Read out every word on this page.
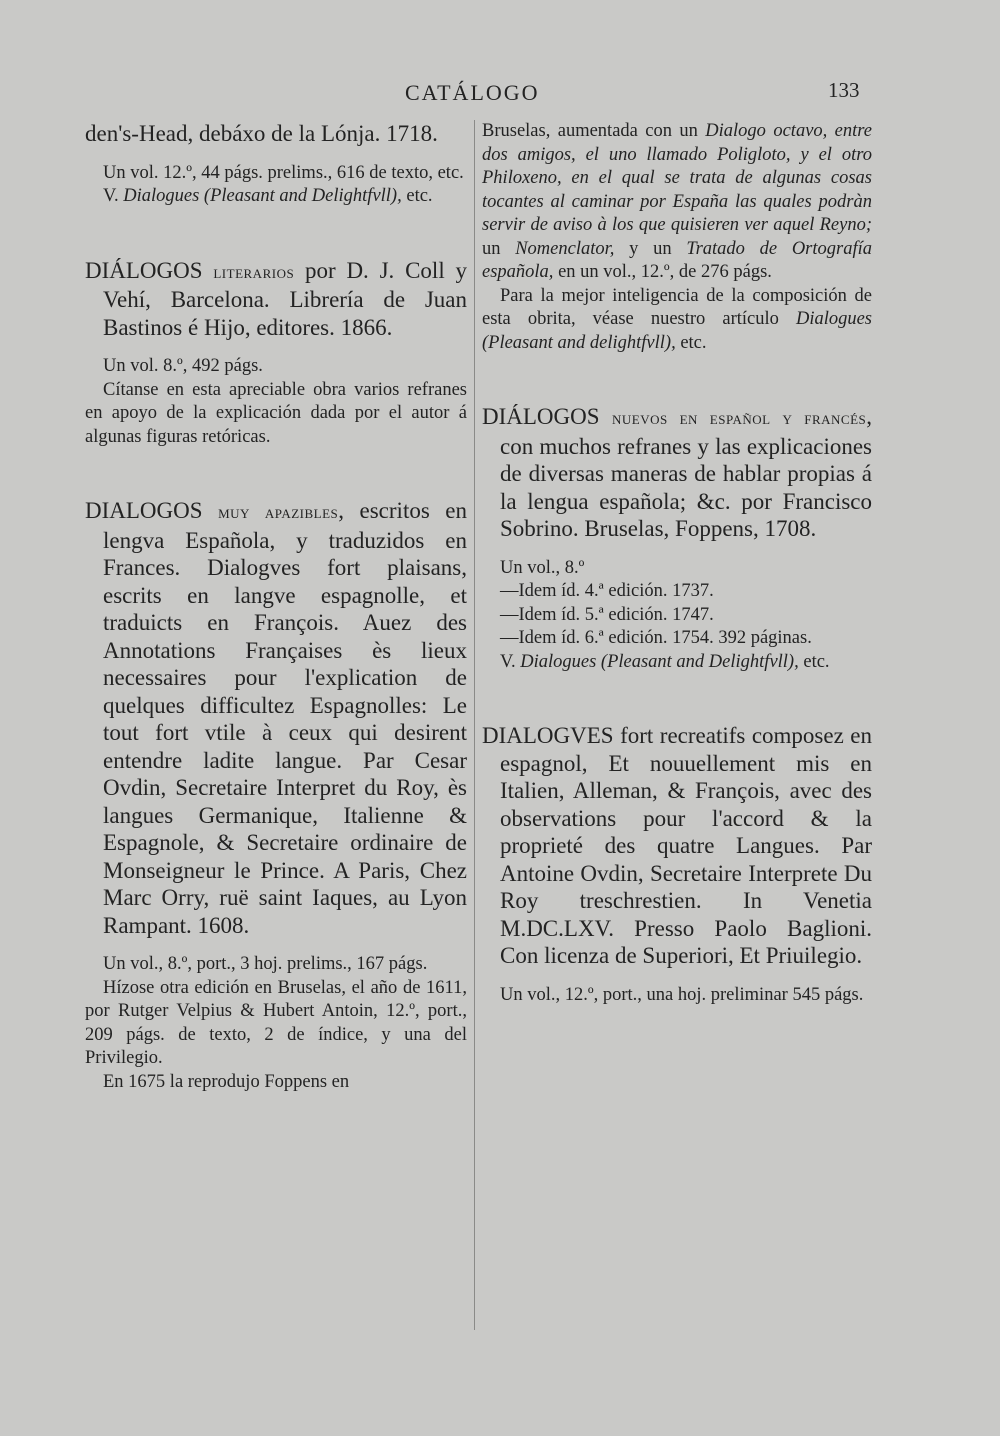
CATÁLOGO	133

den's-Head, debáxo de la Lónja. 1718.

Un vol. 12.º, 44 págs. prelims., 616 de texto, etc.

V. Dialogues (Pleasant and Delightfvll), etc.

DIÁLOGOS literarios por D. J. Coll y Vehí, Barcelona. Librería de Juan Bastinos é Hijo, editores. 1866.

Un vol. 8.º, 492 págs.

Cítanse en esta apreciable obra varios refranes en apoyo de la explicación dada por el autor á algunas figuras retóricas.

DIALOGOS muy apazibles, escritos en lengva Española, y traduzidos en Frances. Dialogves fort plaisans, escrits en langve espagnolle, et traduicts en François. Auez des Annotations Françaises ès lieux necessaires pour l'explication de quelques difficultez Espagnolles: Le tout fort vtile à ceux qui desirent entendre ladite langue. Par Cesar Ovdin, Secretaire Interpret du Roy, ès langues Germanique, Italienne & Espagnole, & Secretaire ordinaire de Monseigneur le Prince. A Paris, Chez Marc Orry, ruë saint Iaques, au Lyon Rampant. 1608.

Un vol., 8.º, port., 3 hoj. prelims., 167 págs.

Hízose otra edición en Bruselas, el año de 1611, por Rutger Velpius & Hubert Antoin, 12.º, port., 209 págs. de texto, 2 de índice, y una del Privilegio.

En 1675 la reprodujo Foppens en

Bruselas, aumentada con un Dialogo octavo, entre dos amigos, el uno llamado Poligloto, y el otro Philoxeno, en el qual se trata de algunas cosas tocantes al caminar por España las quales podràn servir de aviso à los que quisieren ver aquel Reyno; un Nomenclator, y un Tratado de Ortografía española, en un vol., 12.º, de 276 págs.

Para la mejor inteligencia de la composición de esta obrita, véase nuestro artículo Dialogues (Pleasant and delightfvll), etc.

DIÁLOGOS nuevos en español y francés, con muchos refranes y las explicaciones de diversas maneras de hablar propias á la lengua española; &c. por Francisco Sobrino. Bruselas, Foppens, 1708.

Un vol., 8.º

—Idem íd. 4.ª edición. 1737.

—Idem íd. 5.ª edición. 1747.

—Idem íd. 6.ª edición. 1754. 392 páginas.

V. Dialogues (Pleasant and Delightfvll), etc.

DIALOGVES fort recreatifs composez en espagnol, Et nouuellement mis en Italien, Alleman, & François, avec des observations pour l'accord & la proprieté des quatre Langues. Par Antoine Ovdin, Secretaire Interprete Du Roy treschrestien. In Venetia M.DC.LXV. Presso Paolo Baglioni. Con licenza de Superiori, Et Priuilegio.

Un vol., 12.º, port., una hoj. preliminar 545 págs.
